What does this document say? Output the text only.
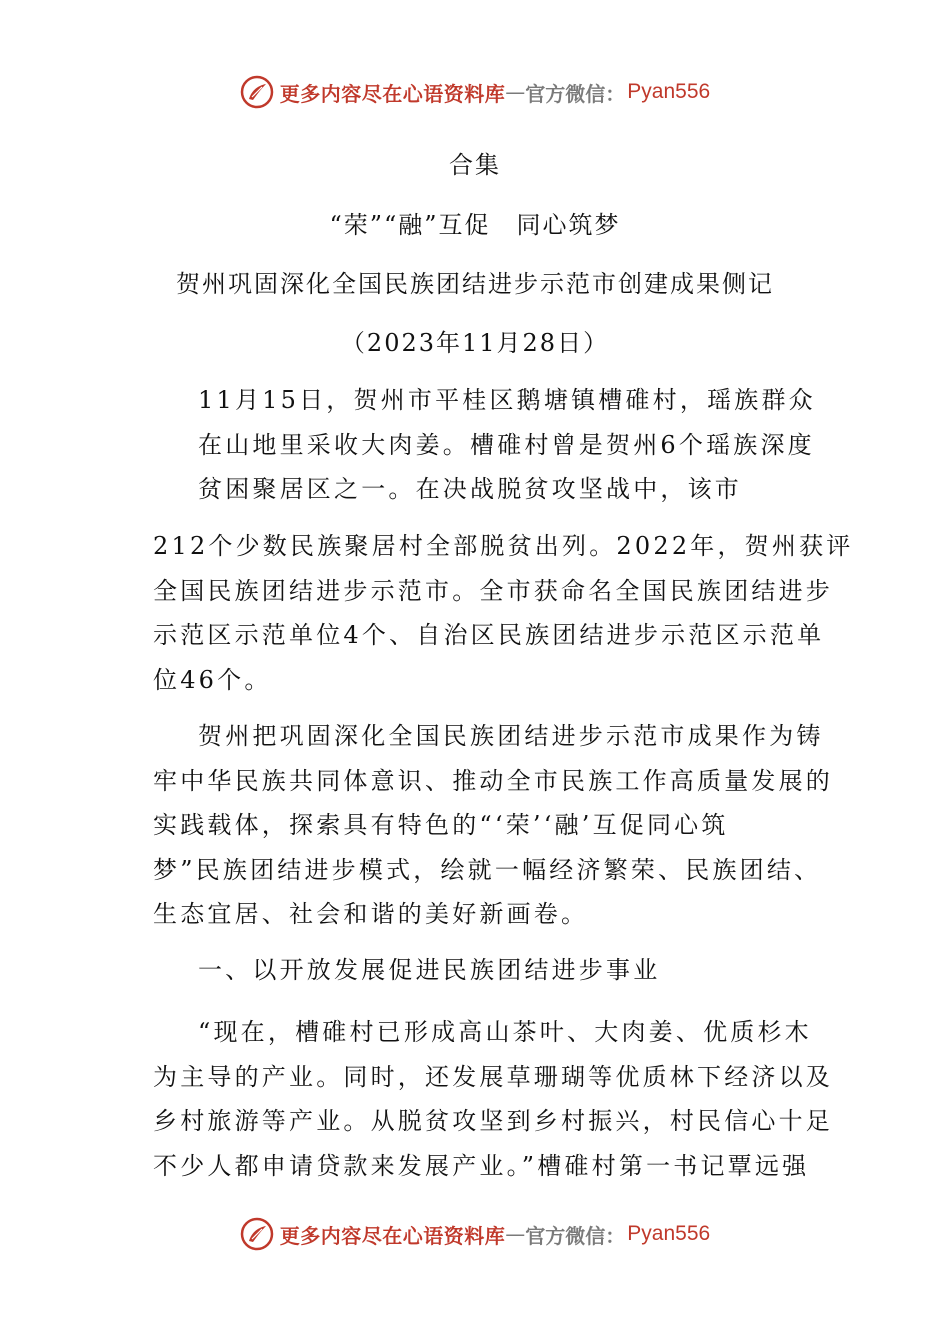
更多内容尽在心语资料库 — 官方微信： Pyan556
合集
“荣”“融”互促　同心筑梦
贺州巩固深化全国民族团结进步示范市创建成果侧记
（2023年11月28日）
11月15日，贺州市平桂区鹅塘镇槽碓村，瑶族群众
在山地里采收大肉姜。槽碓村曾是贺州6个瑶族深度
贫困聚居区之一。在决战脱贫攻坚战中，该市
212个少数民族聚居村全部脱贫出列。2022年，贺州获评
全国民族团结进步示范市。全市获命名全国民族团结进步
示范区示范单位4个、自治区民族团结进步示范区示范单
位46个。
贺州把巩固深化全国民族团结进步示范市成果作为铸
牢中华民族共同体意识、推动全市民族工作高质量发展的
实践载体，探索具有特色的“‘荣’‘融’互促同心筑
梦”民族团结进步模式，绘就一幅经济繁荣、民族团结、
生态宜居、社会和谐的美好新画卷。
一、以开放发展促进民族团结进步事业
“现在，槽碓村已形成高山茶叶、大肉姜、优质杉木
为主导的产业。同时，还发展草珊瑚等优质林下经济以及
乡村旅游等产业。从脱贫攻坚到乡村振兴，村民信心十足
不少人都申请贷款来发展产业。”槽碓村第一书记覃远强
更多内容尽在心语资料库 — 官方微信： Pyan556
